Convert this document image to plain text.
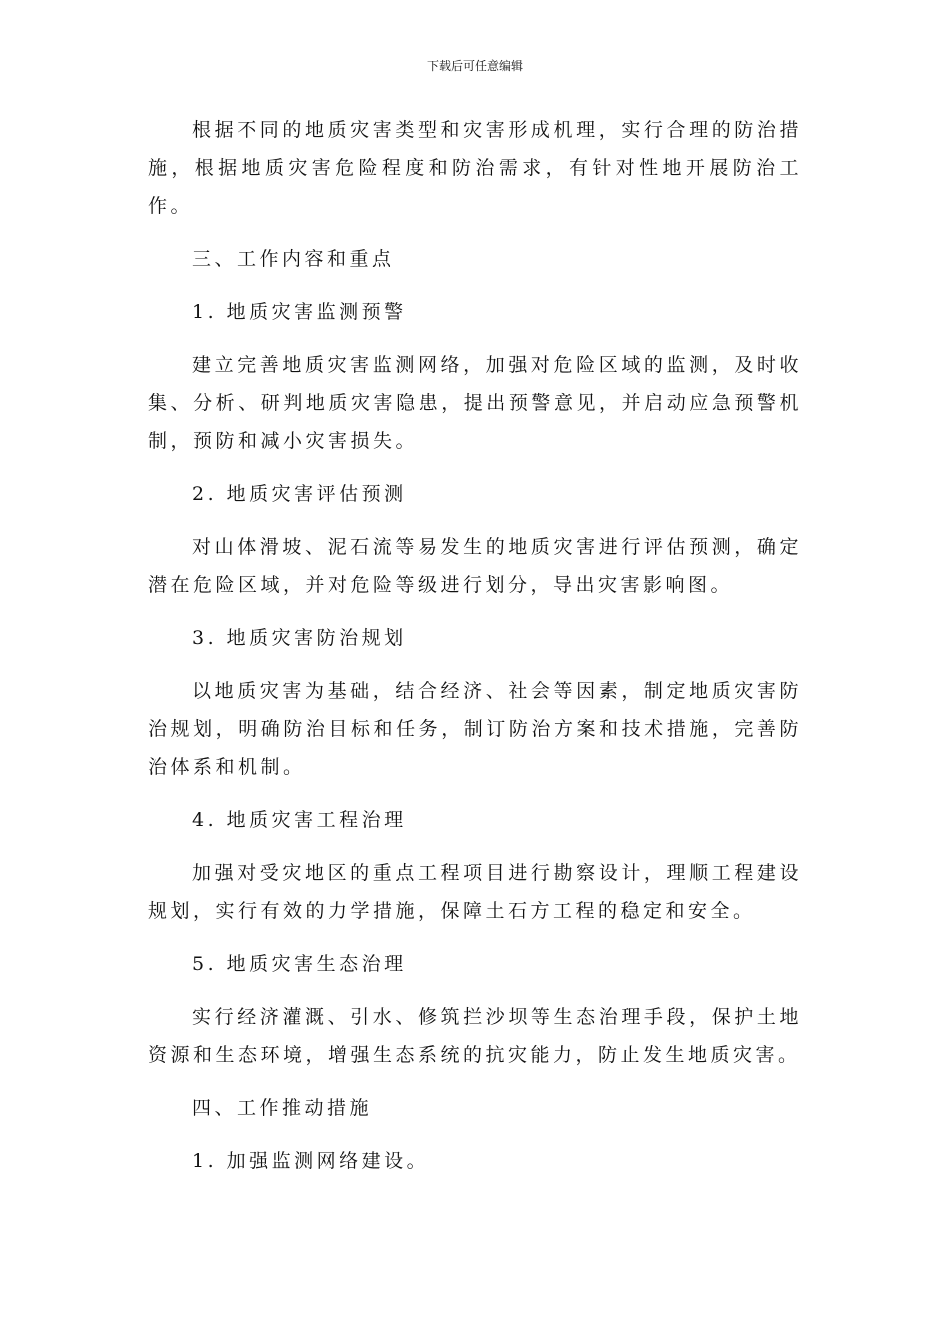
下载后可任意编辑

根据不同的地质灾害类型和灾害形成机理，实行合理的防治措施，根据地质灾害危险程度和防治需求，有针对性地开展防治工作。

三、工作内容和重点

1. 地质灾害监测预警

建立完善地质灾害监测网络，加强对危险区域的监测，及时收集、分析、研判地质灾害隐患，提出预警意见，并启动应急预警机制，预防和减小灾害损失。

2. 地质灾害评估预测

对山体滑坡、泥石流等易发生的地质灾害进行评估预测，确定潜在危险区域，并对危险等级进行划分，导出灾害影响图。

3. 地质灾害防治规划

以地质灾害为基础，结合经济、社会等因素，制定地质灾害防治规划，明确防治目标和任务，制订防治方案和技术措施，完善防治体系和机制。

4. 地质灾害工程治理

加强对受灾地区的重点工程项目进行勘察设计，理顺工程建设规划，实行有效的力学措施，保障土石方工程的稳定和安全。

5. 地质灾害生态治理

实行经济灌溉、引水、修筑拦沙坝等生态治理手段，保护土地资源和生态环境，增强生态系统的抗灾能力，防止发生地质灾害。

四、工作推动措施

1. 加强监测网络建设。
